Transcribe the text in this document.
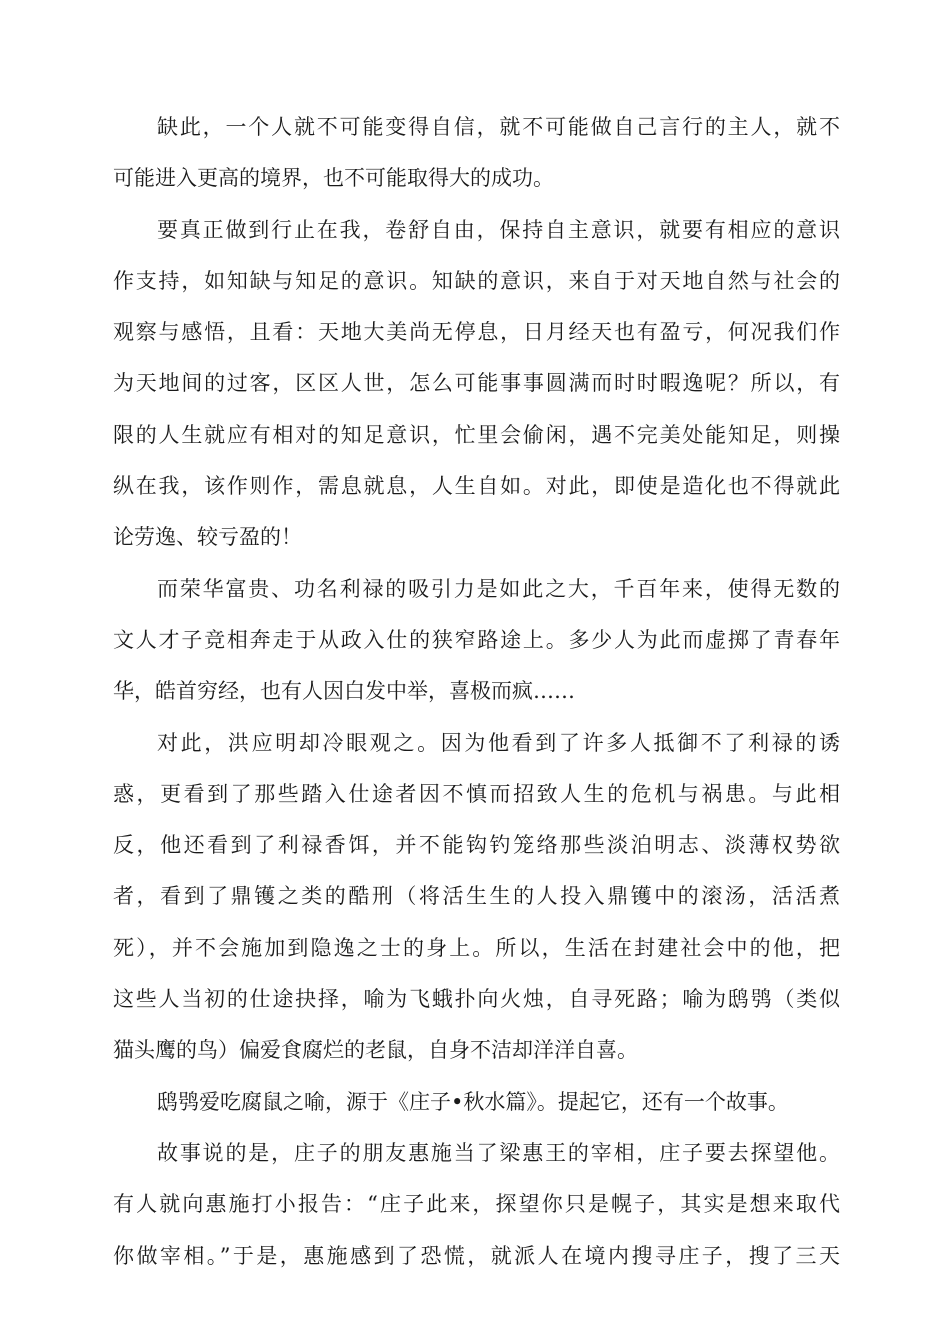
缺此，一个人就不可能变得自信，就不可能做自己言行的主人，就不
可能进入更高的境界，也不可能取得大的成功。
要真正做到行止在我，卷舒自由，保持自主意识，就要有相应的意识
作支持，如知缺与知足的意识。知缺的意识，来自于对天地自然与社会的
观察与感悟，且看：天地大美尚无停息，日月经天也有盈亏，何况我们作
为天地间的过客，区区人世，怎么可能事事圆满而时时暇逸呢？所以，有
限的人生就应有相对的知足意识，忙里会偷闲，遇不完美处能知足，则操
纵在我，该作则作，需息就息，人生自如。对此，即使是造化也不得就此
论劳逸、较亏盈的！
而荣华富贵、功名利禄的吸引力是如此之大，千百年来，使得无数的
文人才子竞相奔走于从政入仕的狭窄路途上。多少人为此而虚掷了青春年
华，皓首穷经，也有人因白发中举，喜极而疯……
对此，洪应明却冷眼观之。因为他看到了许多人抵御不了利禄的诱
惑，更看到了那些踏入仕途者因不慎而招致人生的危机与祸患。与此相
反，他还看到了利禄香饵，并不能钩钓笼络那些淡泊明志、淡薄权势欲
者，看到了鼎镬之类的酷刑（将活生生的人投入鼎镬中的滚汤，活活煮
死），并不会施加到隐逸之士的身上。所以，生活在封建社会中的他，把
这些人当初的仕途抉择，喻为飞蛾扑向火烛，自寻死路；喻为鸱鸮（类似
猫头鹰的鸟）偏爱食腐烂的老鼠，自身不洁却洋洋自喜。
鸱鸮爱吃腐鼠之喻，源于《庄子•秋水篇》。提起它，还有一个故事。
故事说的是，庄子的朋友惠施当了梁惠王的宰相，庄子要去探望他。
有人就向惠施打小报告：“庄子此来，探望你只是幌子，其实是想来取代
你做宰相。”于是，惠施感到了恐慌，就派人在境内搜寻庄子，搜了三天
